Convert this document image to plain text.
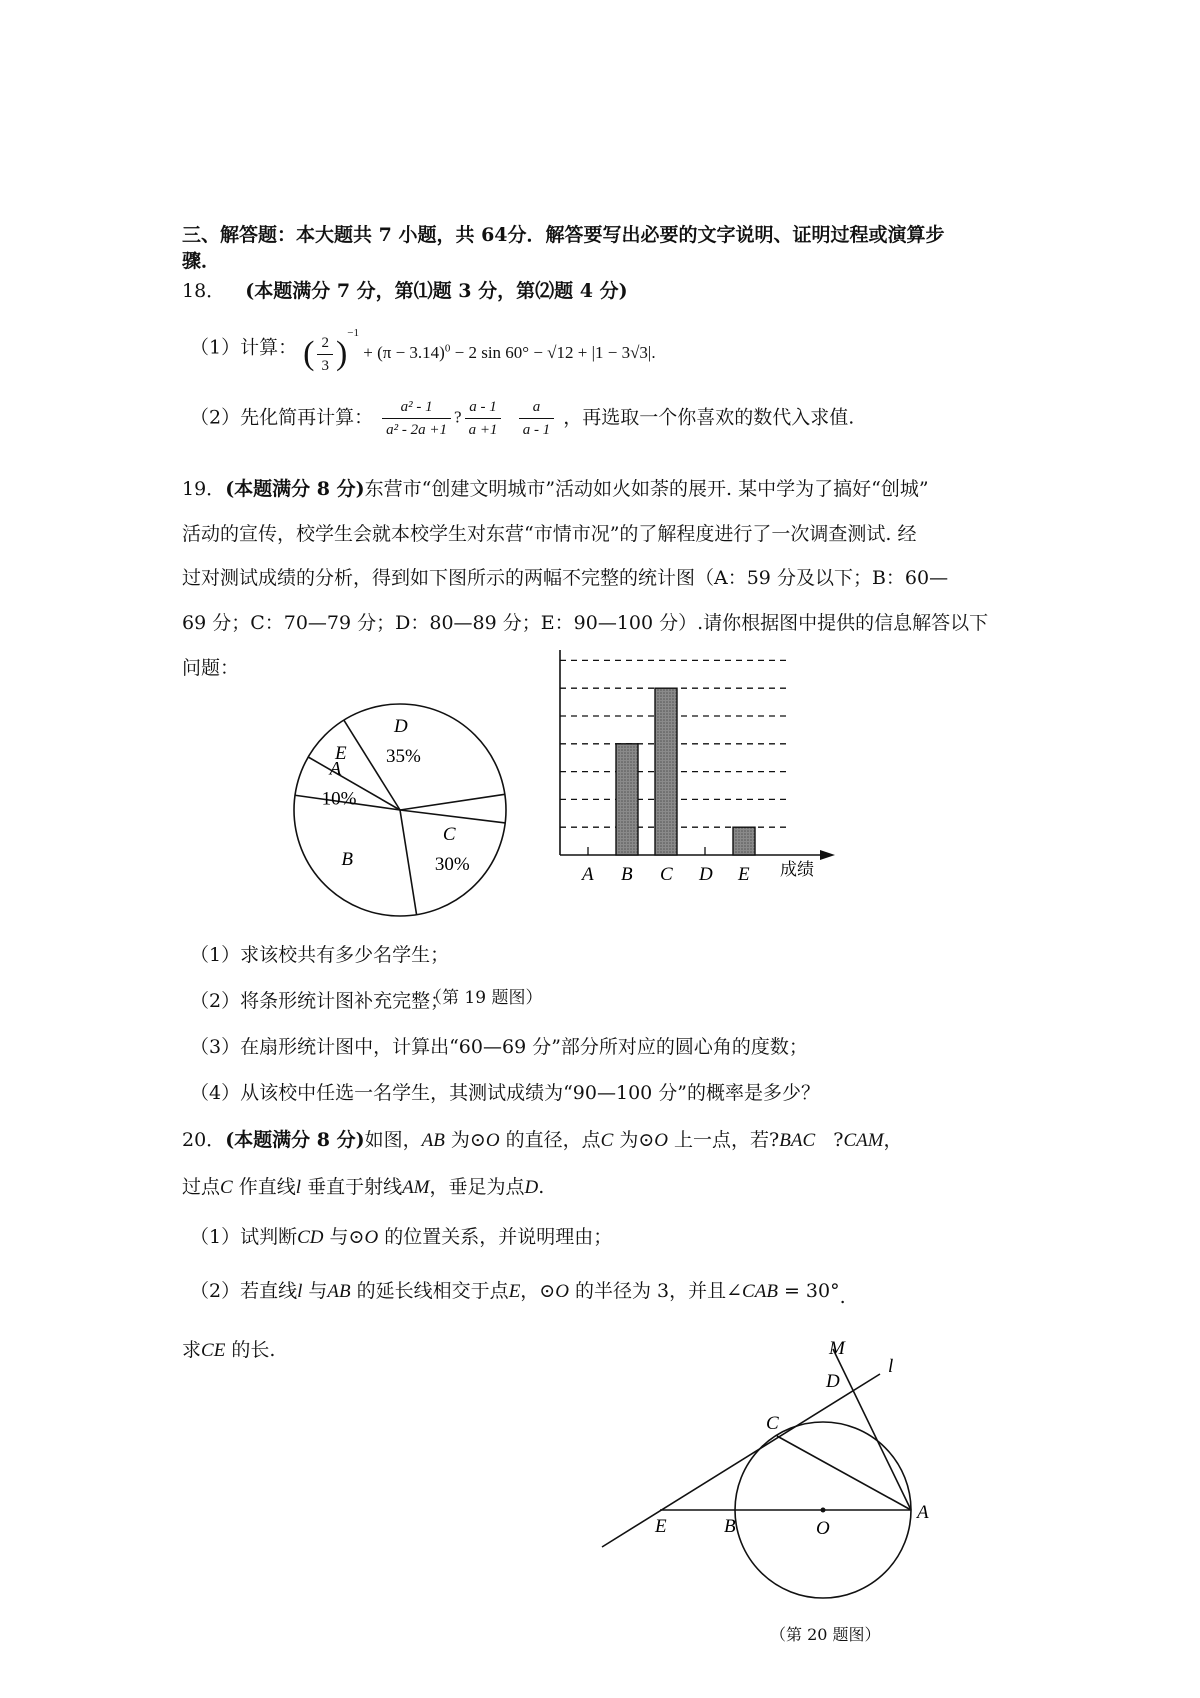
三、解答题：本大题共 7 小题，共 64分．解答要写出必要的文字说明、证明过程或演算步
骤．
18． (本题满分 7 分，第⑴题 3 分，第⑵题 4 分)
（1）计算： ( $\frac{2}{3} )^{-1} + (\pi - 3.14)^0 - 2$ sin 60° − √12 + |1 − 3√3|.
（2）先化简再计算： $\frac{\text{a² - 1}}{\text{a² - 2a +1}}$ ? $\frac{a - 1}{a +1}$
$\frac{a}{a - 1}$ ，再选取一个你喜欢的数代入求值.
19．(本题满分 8 分)东营市“创建文明城市”活动如火如荼的展开. 某中学为了搞好“创城”
活动的宣传，校学生会就本校学生对东营“市情市况”的了解程度进行了一次调查测试. 经
过对测试成绩的分析，得到如下图所示的两幅不完整的统计图（A：59 分及以下；B：60—
69 分；C：70—79 分；D：80—89 分；E：90—100 分）.请你根据图中提供的信息解答以下
问题：
D
35%
E
A
10%
B
C
30%	成绩
A B C D E
（第 19 题图）
（1）求该校共有多少名学生；
（2）将条形统计图补充完整；
（3）在扇形统计图中，计算出“60—69 分”部分所对应的圆心角的度数；
（4）从该校中任选一名学生，其测试成绩为“90—100 分”的概率是多少？
20．(本题满分 8 分)如图，AB 为⊙O 的直径，点C 为⊙O 上一点，若?BAC   ?CAM，
过点C 作直线l 垂直于射线AM，垂足为点D.
（1）试判断CD 与⊙O 的位置关系，并说明理由；
（2）若直线l 与AB 的延长线相交于点E，⊙O 的半径为 3，并且∠CAB = 30°.
求CE 的长.	M
l
D
C
E	B	O
A
（第 20 题图）
